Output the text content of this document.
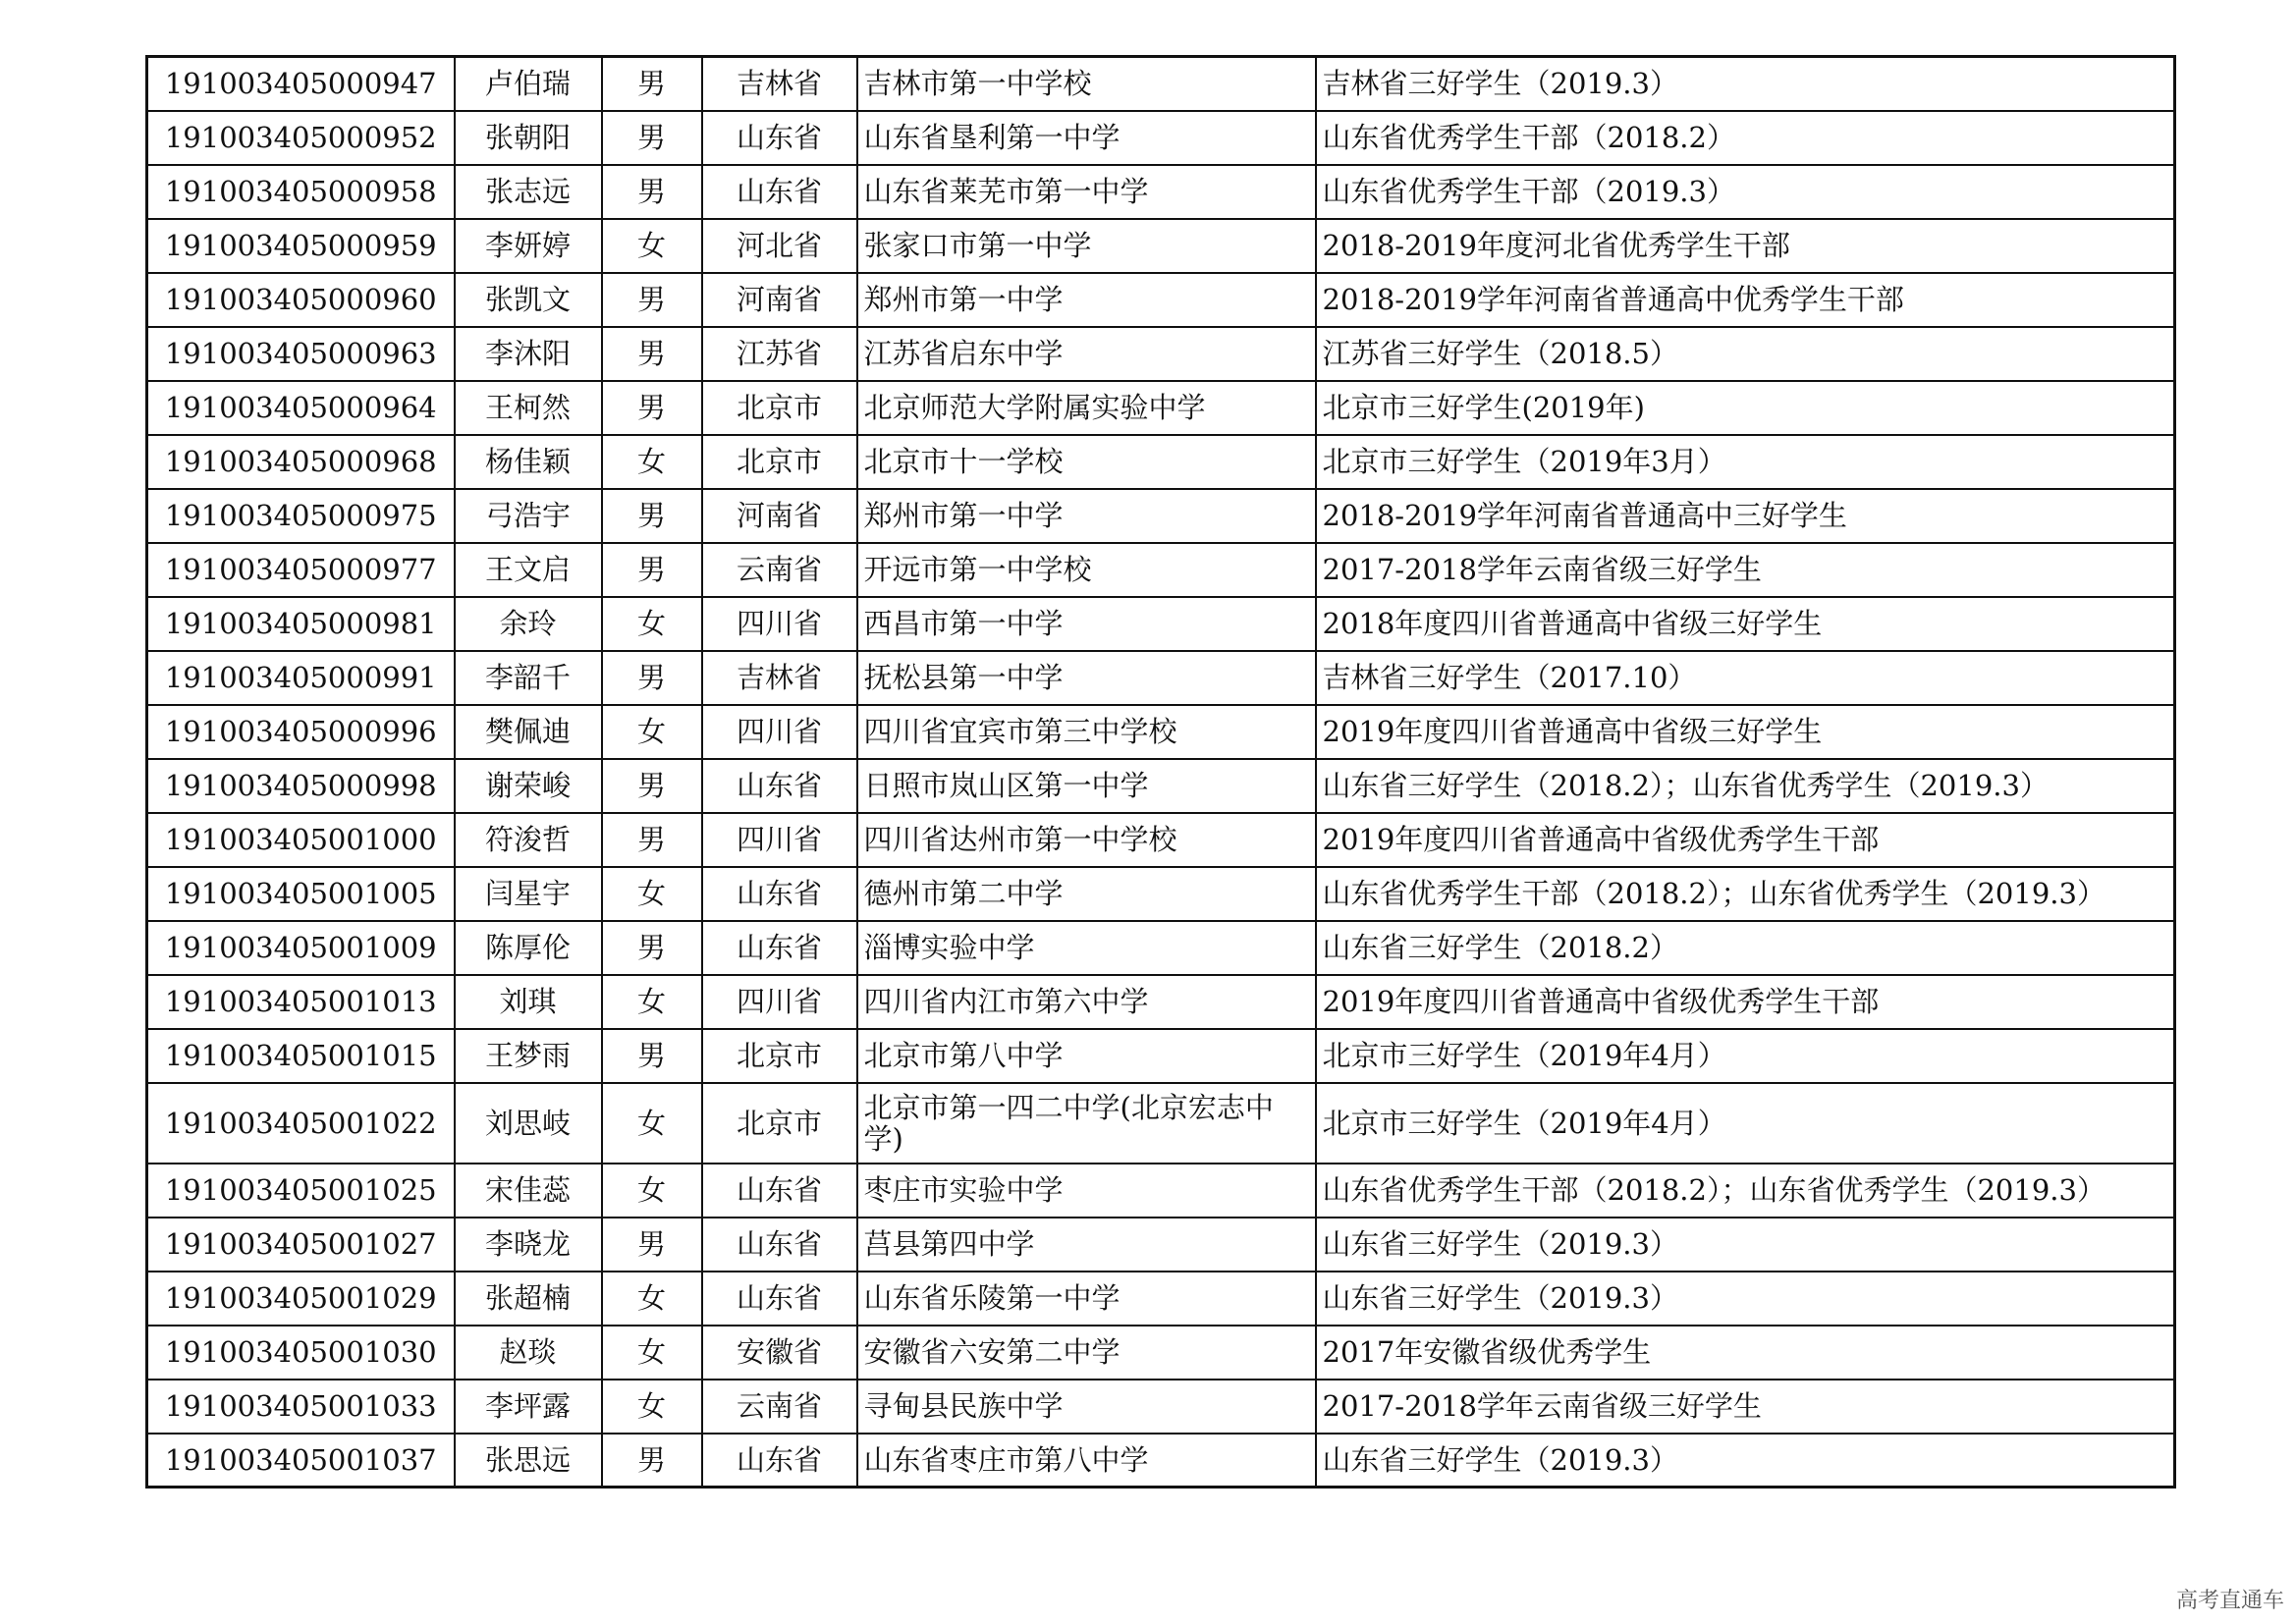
191003405000947	卢伯瑞	男	吉林省	吉林市第一中学校	吉林省三好学生（2019.3）
191003405000952	张朝阳	男	山东省	山东省垦利第一中学	山东省优秀学生干部（2018.2）
191003405000958	张志远	男	山东省	山东省莱芜市第一中学	山东省优秀学生干部（2019.3）
191003405000959	李妍婷	女	河北省	张家口市第一中学	2018-2019年度河北省优秀学生干部
191003405000960	张凯文	男	河南省	郑州市第一中学	2018-2019学年河南省普通高中优秀学生干部
191003405000963	李沐阳	男	江苏省	江苏省启东中学	江苏省三好学生（2018.5）
191003405000964	王柯然	男	北京市	北京师范大学附属实验中学	北京市三好学生(2019年)
191003405000968	杨佳颖	女	北京市	北京市十一学校	北京市三好学生（2019年3月）
191003405000975	弓浩宇	男	河南省	郑州市第一中学	2018-2019学年河南省普通高中三好学生
191003405000977	王文启	男	云南省	开远市第一中学校	2017-2018学年云南省级三好学生
191003405000981	余玲	女	四川省	西昌市第一中学	2018年度四川省普通高中省级三好学生
191003405000991	李韶千	男	吉林省	抚松县第一中学	吉林省三好学生（2017.10）
191003405000996	樊佩迪	女	四川省	四川省宜宾市第三中学校	2019年度四川省普通高中省级三好学生
191003405000998	谢荣峻	男	山东省	日照市岚山区第一中学	山东省三好学生（2018.2）；山东省优秀学生（2019.3）
191003405001000	符浚哲	男	四川省	四川省达州市第一中学校	2019年度四川省普通高中省级优秀学生干部
191003405001005	闫星宇	女	山东省	德州市第二中学	山东省优秀学生干部（2018.2）；山东省优秀学生（2019.3）
191003405001009	陈厚伦	男	山东省	淄博实验中学	山东省三好学生（2018.2）
191003405001013	刘琪	女	四川省	四川省内江市第六中学	2019年度四川省普通高中省级优秀学生干部
191003405001015	王梦雨	男	北京市	北京市第八中学	北京市三好学生（2019年4月）
191003405001022	刘思岐	女	北京市	北京市第一四二中学(北京宏志中学)	北京市三好学生（2019年4月）
191003405001025	宋佳蕊	女	山东省	枣庄市实验中学	山东省优秀学生干部（2018.2）；山东省优秀学生（2019.3）
191003405001027	李晓龙	男	山东省	莒县第四中学	山东省三好学生（2019.3）
191003405001029	张超楠	女	山东省	山东省乐陵第一中学	山东省三好学生（2019.3）
191003405001030	赵琰	女	安徽省	安徽省六安第二中学	2017年安徽省级优秀学生
191003405001033	李坪露	女	云南省	寻甸县民族中学	2017-2018学年云南省级三好学生
191003405001037	张思远	男	山东省	山东省枣庄市第八中学	山东省三好学生（2019.3）
高考直通车
